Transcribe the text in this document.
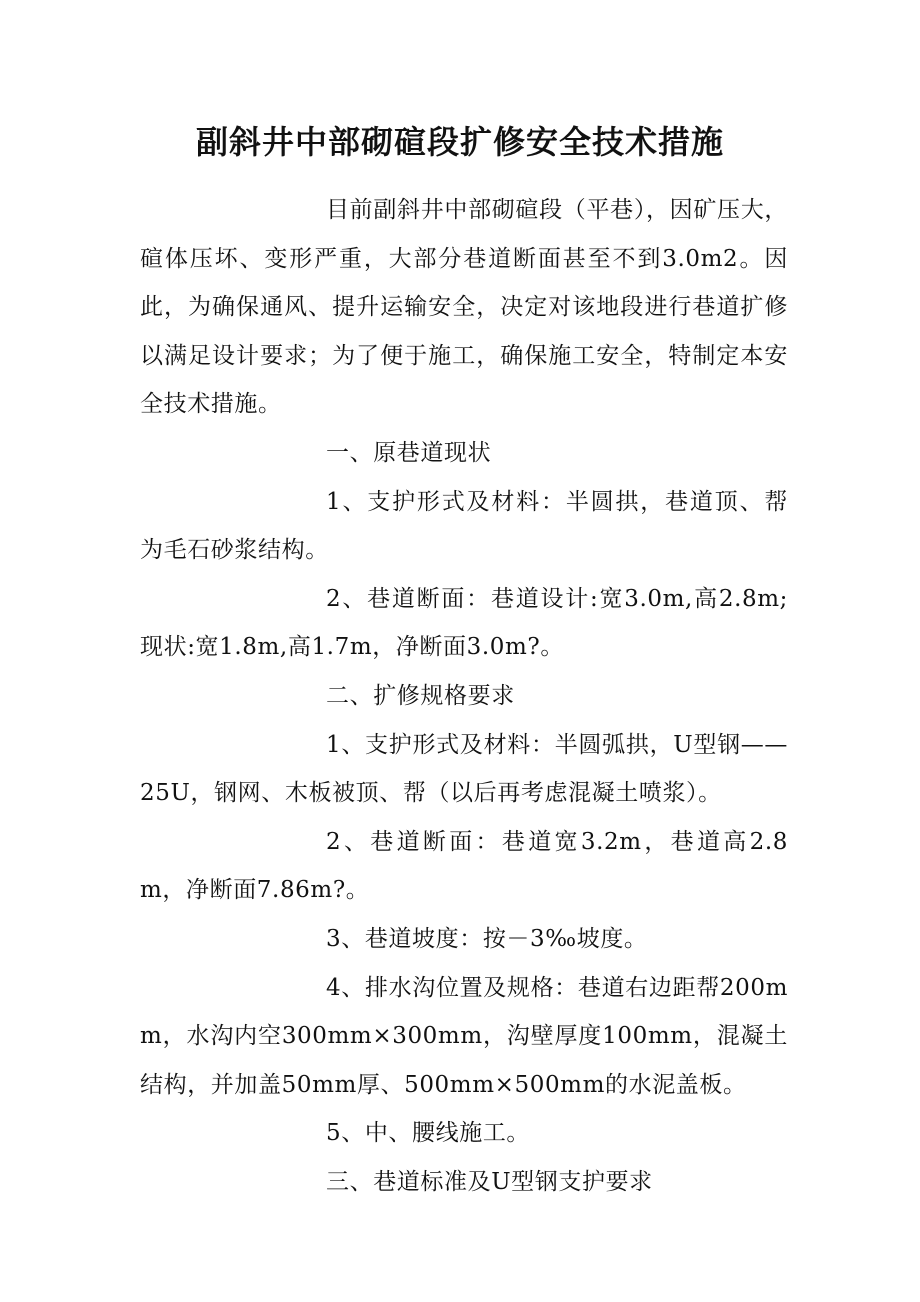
副斜井中部砌碹段扩修安全技术措施

目前副斜井中部砌碹段（平巷），因矿压大，碹体压坏、变形严重，大部分巷道断面甚至不到3.0m2。因此，为确保通风、提升运输安全，决定对该地段进行巷道扩修以满足设计要求；为了便于施工，确保施工安全，特制定本安全技术措施。

一、原巷道现状

1、支护形式及材料：半圆拱，巷道顶、帮为毛石砂浆结构。

2、巷道断面：巷道设计:宽3.0m,高2.8m;现状:宽1.8m,高1.7m，净断面3.0m?。

二、扩修规格要求

1、支护形式及材料：半圆弧拱，U型钢——25U，钢网、木板被顶、帮（以后再考虑混凝土喷浆）。

2、巷道断面：巷道宽3.2m，巷道高2.8m，净断面7.86m?。

3、巷道坡度：按－3‰坡度。

4、排水沟位置及规格：巷道右边距帮200mm，水沟内空300mm×300mm，沟壁厚度100mm，混凝土结构，并加盖50mm厚、500mm×500mm的水泥盖板。

5、中、腰线施工。

三、巷道标准及U型钢支护要求
